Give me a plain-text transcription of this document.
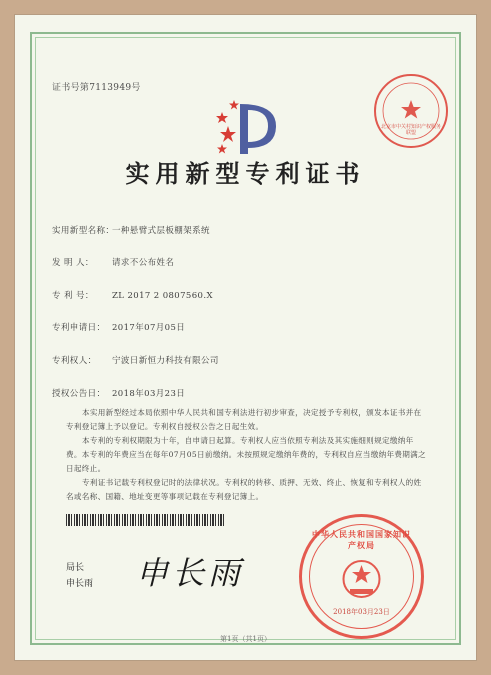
证书号第7113949号
北京市中关村知识产权服务联盟
实用新型专利证书
实用新型名称：一种悬臂式层板棚架系统
发 明 人： 请求不公布姓名
专 利 号： ZL 2017 2 0807560.X
专利申请日： 2017年07月05日
专利权人： 宁波日新恒力科技有限公司
授权公告日： 2018年03月23日

本实用新型经过本局依照中华人民共和国专利法进行初步审查，决定授予专利权，颁发本证书并在专利登记簿上予以登记。专利权自授权公告之日起生效。

本专利的专利权期限为十年，自申请日起算。专利权人应当依照专利法及其实施细则规定缴纳年费。本专利的年费应当在每年07月05日前缴纳。未按照规定缴纳年费的，专利权自应当缴纳年费期满之日起终止。

专利证书记载专利权登记时的法律状况。专利权的转移、质押、无效、终止、恢复和专利权人的姓名或名称、国籍、地址变更等事项记载在专利登记簿上。

局长
申长雨 申长雨
中华人民共和国国家知识产权局
2018年03月23日
第1页（共1页）
